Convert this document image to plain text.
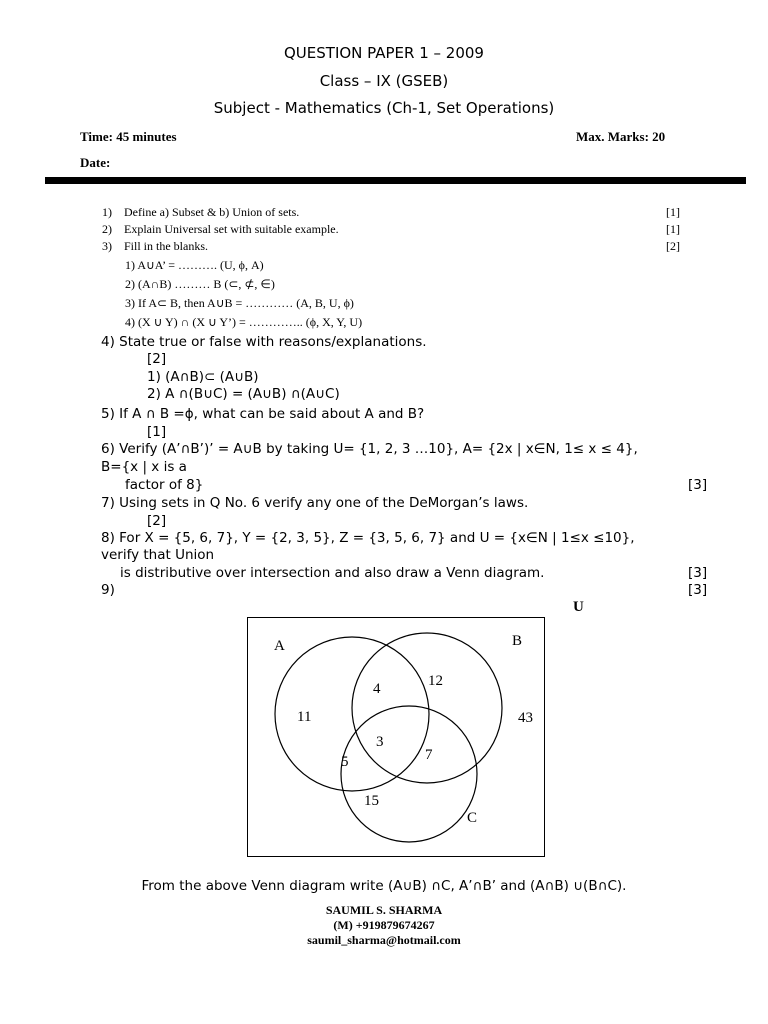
QUESTION PAPER 1 – 2009
Class – IX (GSEB)
Subject - Mathematics (Ch-1, Set Operations)
Time: 45 minutes	Max. Marks: 20
Date:
1) Define a) Subset & b) Union of sets.	[1]
2) Explain Universal set with suitable example.	[1]
3) Fill in the blanks.	[2]
1) A∪A’ = ………. (U, ϕ, A)
2) (A∩B) ……… B (⊂, ⊄, ∈)
3) If A⊂ B, then A∪B = ………… (A, B, U, ϕ)
4) (X ∪ Y) ∩ (X ∪ Y’) = ………….. (ϕ, X, Y, U)
4) State true or false with reasons/explanations.
[2]
1) (A∩B)⊂ (A∪B)
2) A ∩(B∪C) = (A∪B) ∩(A∪C)
5) If A ∩ B =ϕ, what can be said about A and B?
[1]
6) Verify (A’∩B’)’ = A∪B by taking U= {1, 2, 3 …10}, A= {2x | x∈N, 1≤ x ≤ 4},
B={x | x is a
factor of 8}	[3]
7) Using sets in Q No. 6 verify any one of the DeMorgan’s laws.
[2]
8) For X = {5, 6, 7}, Y = {2, 3, 5}, Z = {3, 5, 6, 7} and U = {x∈N | 1≤x ≤10},
verify that Union
is distributive over intersection and also draw a Venn diagram.	[3]
9)	[3]
U
A	B
C
11
4	12
3
7
5
15
43
From the above Venn diagram write (A∪B) ∩C, A’∩B’ and (A∩B) ∪(B∩C).
SAUMIL S. SHARMA
(M) +919879674267
saumil_sharma@hotmail.com
